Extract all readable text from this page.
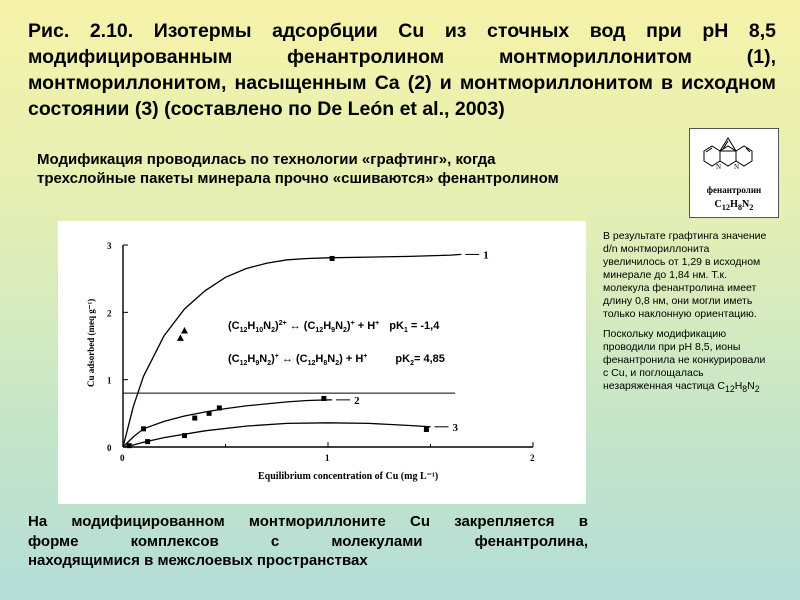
Рис. 2.10. Изотермы адсорбции Cu из сточных вод при pH 8,5 модифицированным фенантролином монтмориллонитом (1), монтмориллонитом, насыщенным Ca (2) и монтмориллонитом в исходном состоянии (3) (составлено по De León et al., 2003)
Модификация проводилась по технологии «графтинг», когда трехслойные пакеты минерала прочно «сшиваются» фенантролином
N N
фенантролин
$C_{12}H_8N_2$
0
1
2
3
0	1	2
Equilibrium concentration of Cu (mg L⁻¹)
Cu adsorbed (meq g⁻¹)
1
2
3
$(C_{12}H_{10}N_2)^{2+}$ ↔ $(C_{12}H_9N_2)^+ + H^+$ $pK_1 = -1,4$
$(C_{12}H_9N_2)^+$ ↔ $(C_{12}H_8N_2) + H^+$	$pK_2= 4,85$

В результате графтинга значение d/n монтмориллонита увеличилось от 1,29 в исходном минерале до 1,84 нм. Т.к. молекула фенантролина имеет длину 0,8 нм, они могли иметь только наклонную ориентацию.

Поскольку модификацию проводили при pH 8,5, ионы фенантронила не конкурировали с Cu, и поглощалась незаряженная частица $C_{12}H_8N_2$

На модифицированном монтмориллоните Cu закрепляется в
форме комплексов с молекулами фенантролина,
находящимися в межслоевых пространствах
